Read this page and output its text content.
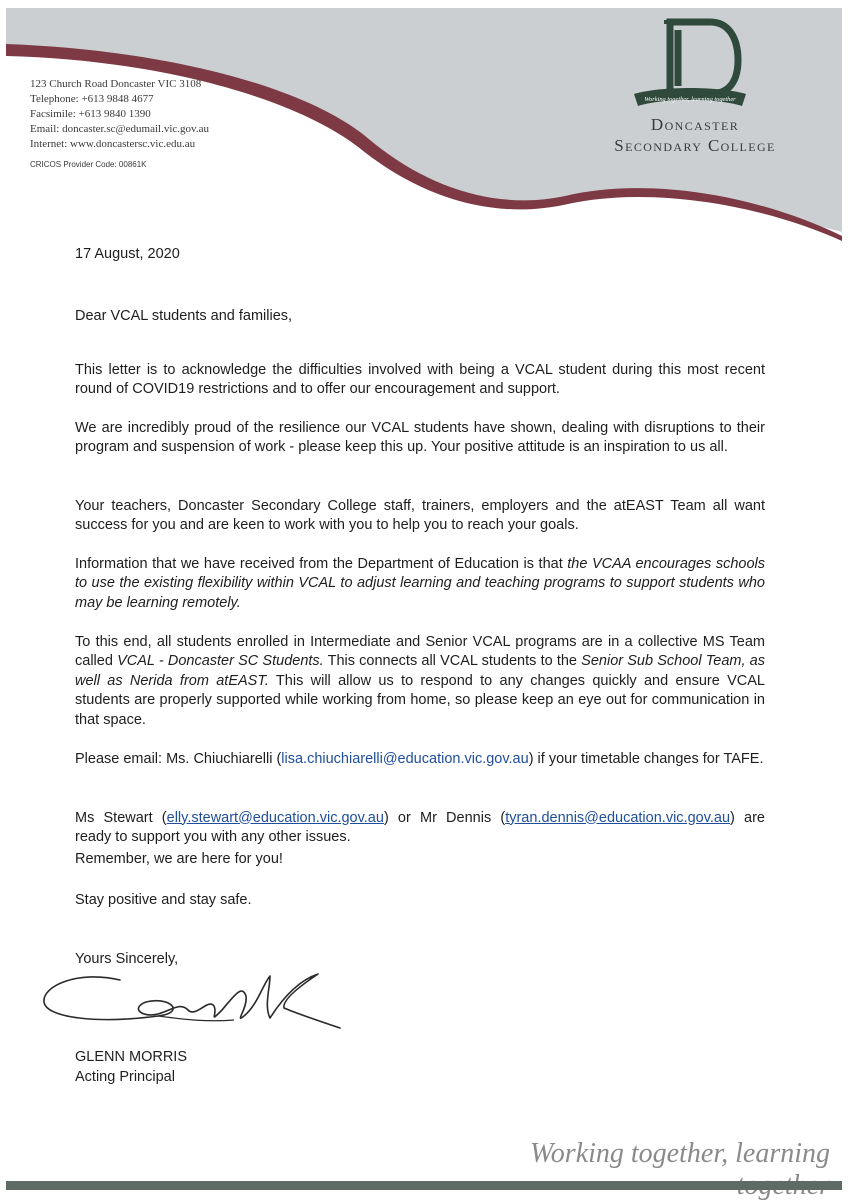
123 Church Road Doncaster VIC 3108
Telephone: +613 9848 4677
Facsimile: +613 9840 1390
Email: doncaster.sc@edumail.vic.gov.au
Internet: www.doncastersc.vic.edu.au
CRICOS Provider Code: 00861K
Working together, learning together
Doncaster
Secondary College
17 August, 2020
Dear VCAL students and families,

This letter is to acknowledge the difficulties involved with being a VCAL student during this most recent round of COVID19 restrictions and to offer our encouragement and support.

We are incredibly proud of the resilience our VCAL students have shown, dealing with disruptions to their program and suspension of work - please keep this up. Your positive attitude is an inspiration to us all.

Your teachers, Doncaster Secondary College staff, trainers, employers and the atEAST Team all want success for you and are keen to work with you to help you to reach your goals.

Information that we have received from the Department of Education is that the VCAA encourages schools to use the existing flexibility within VCAL to adjust learning and teaching programs to support students who may be learning remotely.

To this end, all students enrolled in Intermediate and Senior VCAL programs are in a collective MS Team called VCAL - Doncaster SC Students. This connects all VCAL students to the Senior Sub School Team, as well as Nerida from atEAST. This will allow us to respond to any changes quickly and ensure VCAL students are properly supported while working from home, so please keep an eye out for communication in that space.

Please email: Ms. Chiuchiarelli (lisa.chiuchiarelli@education.vic.gov.au) if your timetable changes for TAFE.

Ms Stewart (elly.stewart@education.vic.gov.au) or Mr Dennis (tyran.dennis@education.vic.gov.au) are ready to support you with any other issues.

Remember, we are here for you!
Stay positive and stay safe.
Yours Sincerely,
GLENN MORRIS
Acting Principal
Working together, learning
